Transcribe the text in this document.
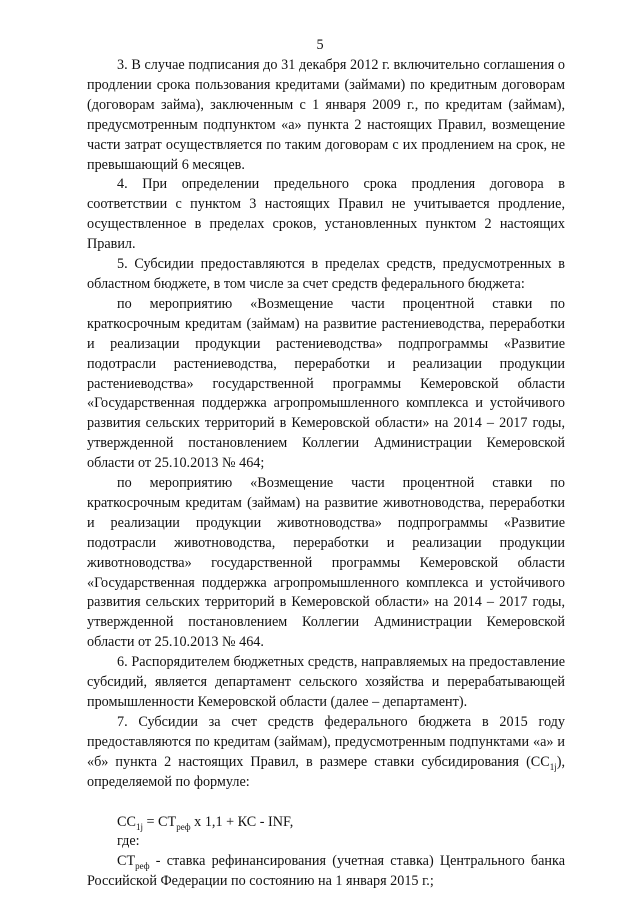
5

3. В случае подписания до 31 декабря 2012 г. включительно соглашения о продлении срока пользования кредитами (займами) по кредитным договорам (договорам займа), заключенным с 1 января 2009 г., по кредитам (займам), предусмотренным подпунктом «а» пункта 2 настоящих Правил, возмещение части затрат осуществляется по таким договорам с их продлением на срок, не превышающий 6 месяцев.

4. При определении предельного срока продления договора в соответствии с пунктом 3 настоящих Правил не учитывается продление, осуществленное в пределах сроков, установленных пунктом 2 настоящих Правил.

5. Субсидии предоставляются в пределах средств, предусмотренных в областном бюджете, в том числе за счет средств федерального бюджета:

по мероприятию «Возмещение части процентной ставки по краткосрочным кредитам (займам) на развитие растениеводства, переработки и реализации продукции растениеводства» подпрограммы «Развитие подотрасли растениеводства, переработки и реализации продукции растениеводства» государственной программы Кемеровской области «Государственная поддержка агропромышленного комплекса и устойчивого развития сельских территорий в Кемеровской области» на 2014 – 2017 годы, утвержденной постановлением Коллегии Администрации Кемеровской области от 25.10.2013 № 464;

по мероприятию «Возмещение части процентной ставки по краткосрочным кредитам (займам) на развитие животноводства, переработки и реализации продукции животноводства» подпрограммы «Развитие подотрасли животноводства, переработки и реализации продукции животноводства» государственной программы Кемеровской области «Государственная поддержка агропромышленного комплекса и устойчивого развития сельских территорий в Кемеровской области» на 2014 – 2017 годы, утвержденной постановлением Коллегии Администрации Кемеровской области от 25.10.2013 № 464.

6. Распорядителем бюджетных средств, направляемых на предоставление субсидий, является департамент сельского хозяйства и перерабатывающей промышленности Кемеровской области (далее – департамент).

7. Субсидии за счет средств федерального бюджета в 2015 году предоставляются по кредитам (займам), предусмотренным подпунктами «а» и «б» пункта 2 настоящих Правил, в размере ставки субсидирования $(СС_{1j})$, определяемой по формуле:

$СС_{1j} = СТ_{реф}$ х 1,1 + КС - INF,

где:

$СТ_{реф}$ - ставка рефинансирования (учетная ставка) Центрального банка Российской Федерации по состоянию на 1 января 2015 г.;
